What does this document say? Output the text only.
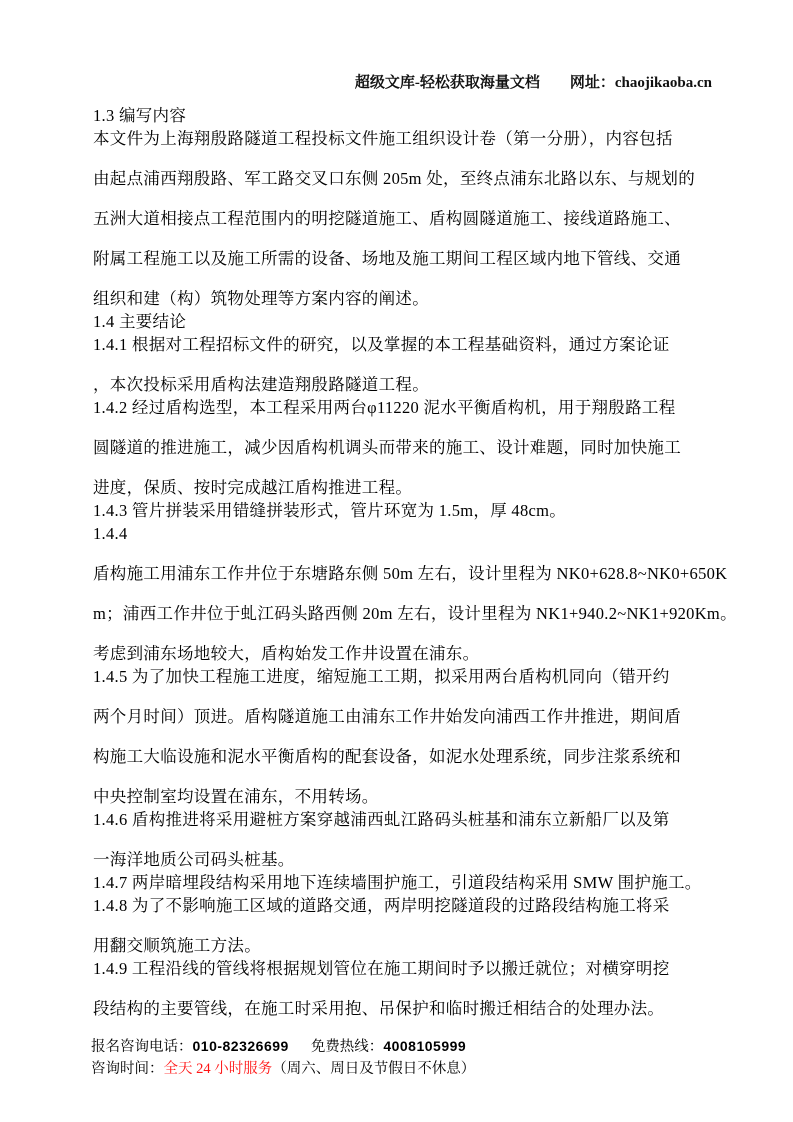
超级文库-轻松获取海量文档 网址：chaojikaoba.cn

1.3 编写内容

本文件为上海翔殷路隧道工程投标文件施工组织设计卷（第一分册），内容包括

由起点浦西翔殷路、军工路交叉口东侧 205m 处，至终点浦东北路以东、与规划的

五洲大道相接点工程范围内的明挖隧道施工、盾构圆隧道施工、接线道路施工、

附属工程施工以及施工所需的设备、场地及施工期间工程区域内地下管线、交通

组织和建（构）筑物处理等方案内容的阐述。

1.4 主要结论

1.4.1 根据对工程招标文件的研究，以及掌握的本工程基础资料，通过方案论证

，本次投标采用盾构法建造翔殷路隧道工程。

1.4.2 经过盾构选型，本工程采用两台φ11220 泥水平衡盾构机，用于翔殷路工程

圆隧道的推进施工，减少因盾构机调头而带来的施工、设计难题，同时加快施工

进度，保质、按时完成越江盾构推进工程。

1.4.3 管片拼装采用错缝拼装形式，管片环宽为 1.5m，厚 48cm。

1.4.4

盾构施工用浦东工作井位于东塘路东侧 50m 左右，设计里程为 NK0+628.8~NK0+650K

m；浦西工作井位于虬江码头路西侧 20m 左右，设计里程为 NK1+940.2~NK1+920Km。

考虑到浦东场地较大，盾构始发工作井设置在浦东。

1.4.5 为了加快工程施工进度，缩短施工工期，拟采用两台盾构机同向（错开约

两个月时间）顶进。盾构隧道施工由浦东工作井始发向浦西工作井推进，期间盾

构施工大临设施和泥水平衡盾构的配套设备，如泥水处理系统，同步注浆系统和

中央控制室均设置在浦东，不用转场。

1.4.6 盾构推进将采用避桩方案穿越浦西虬江路码头桩基和浦东立新船厂以及第

一海洋地质公司码头桩基。

1.4.7 两岸暗埋段结构采用地下连续墙围护施工，引道段结构采用 SMW 围护施工。

1.4.8 为了不影响施工区域的道路交通，两岸明挖隧道段的过路段结构施工将采

用翻交顺筑施工方法。

1.4.9 工程沿线的管线将根据规划管位在施工期间时予以搬迁就位；对横穿明挖

段结构的主要管线，在施工时采用抱、吊保护和临时搬迁相结合的处理办法。

报名咨询电话：010-82326699 免费热线：4008105999

咨询时间：全天 24 小时服务（周六、周日及节假日不休息）
